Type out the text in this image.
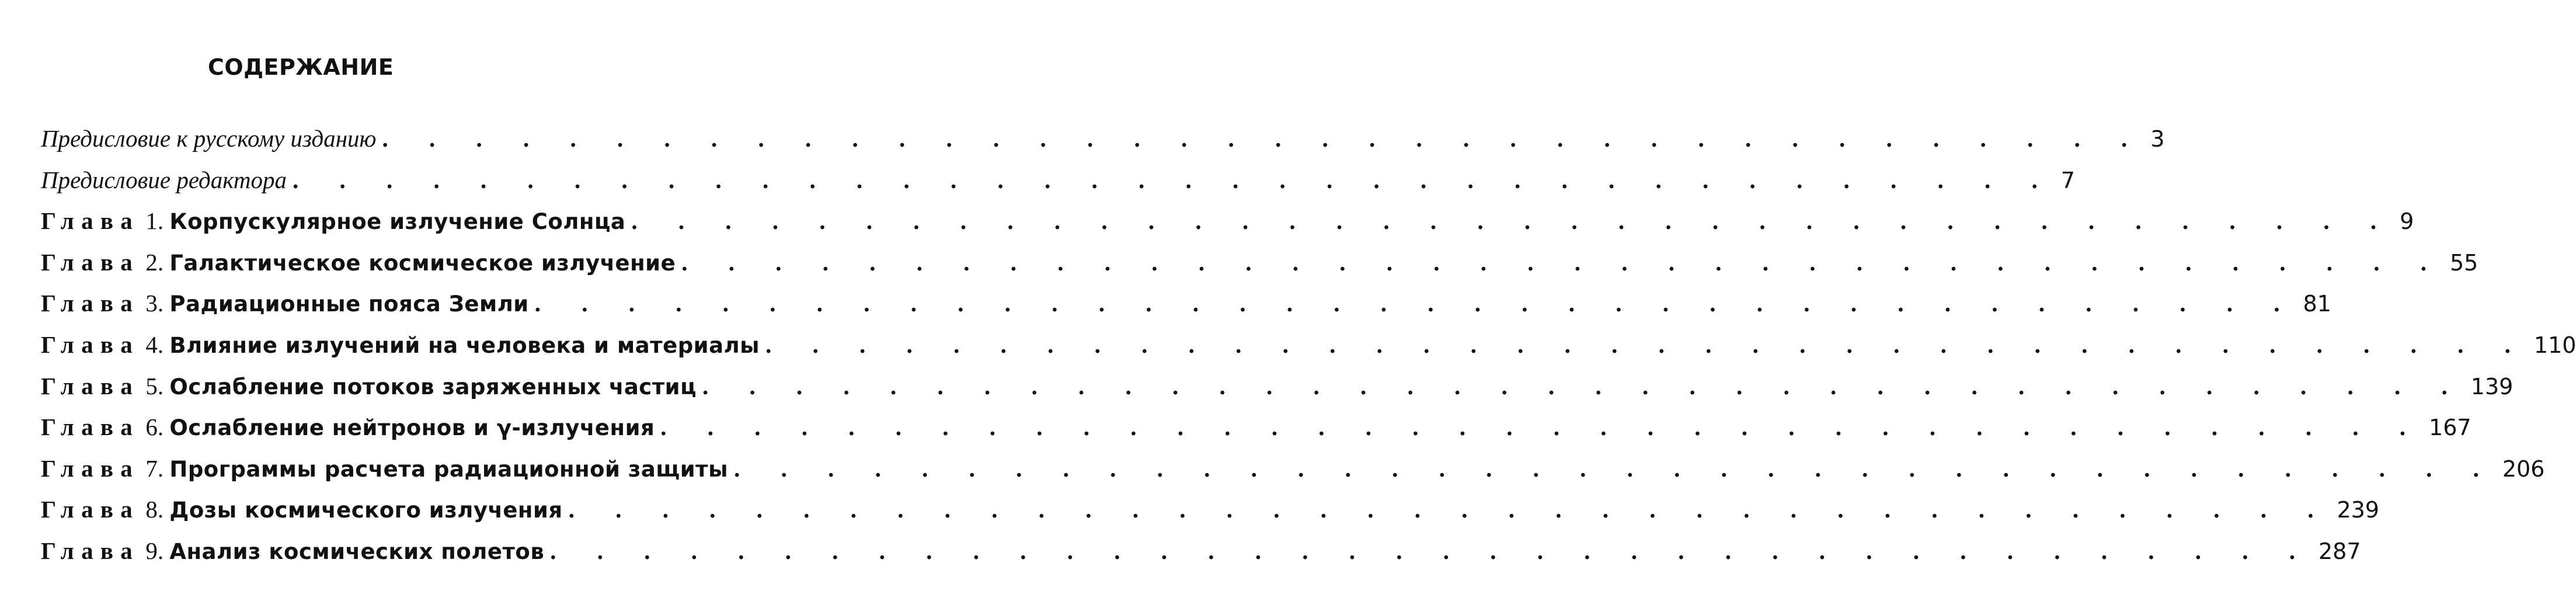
СОДЕРЖАНИЕ
Предисловие к русскому изданию . . . . . . . . . . . . . . . . . . . . . . . . . . . . . . . . . . . . . . 3
Предисловие редактора . . . . . . . . . . . . . . . . . . . . . . . . . . . . . . . . . . . . . . 7
Глава 1. Корпускулярное излучение Солнца . . . . . . . . . . . . . . . . . . . . . . . . . . . . . . . . . . . . . . 9
Глава 2. Галактическое космическое излучение . . . . . . . . . . . . . . . . . . . . . . . . . . . . . . . . . . . . . . 55
Глава 3. Радиационные пояса Земли . . . . . . . . . . . . . . . . . . . . . . . . . . . . . . . . . . . . . . 81
Глава 4. Влияние излучений на человека и материалы . . . . . . . . . . . . . . . . . . . . . . . . . . . . . . . . . . . . . . 110
Глава 5. Ослабление потоков заряженных частиц . . . . . . . . . . . . . . . . . . . . . . . . . . . . . . . . . . . . . . 139
Глава 6. Ослабление нейтронов и γ-излучения . . . . . . . . . . . . . . . . . . . . . . . . . . . . . . . . . . . . . . 167
Глава 7. Программы расчета радиационной защиты . . . . . . . . . . . . . . . . . . . . . . . . . . . . . . . . . . . . . . 206
Глава 8. Дозы космического излучения . . . . . . . . . . . . . . . . . . . . . . . . . . . . . . . . . . . . . . 239
Глава 9. Анализ космических полетов . . . . . . . . . . . . . . . . . . . . . . . . . . . . . . . . . . . . . . 287
